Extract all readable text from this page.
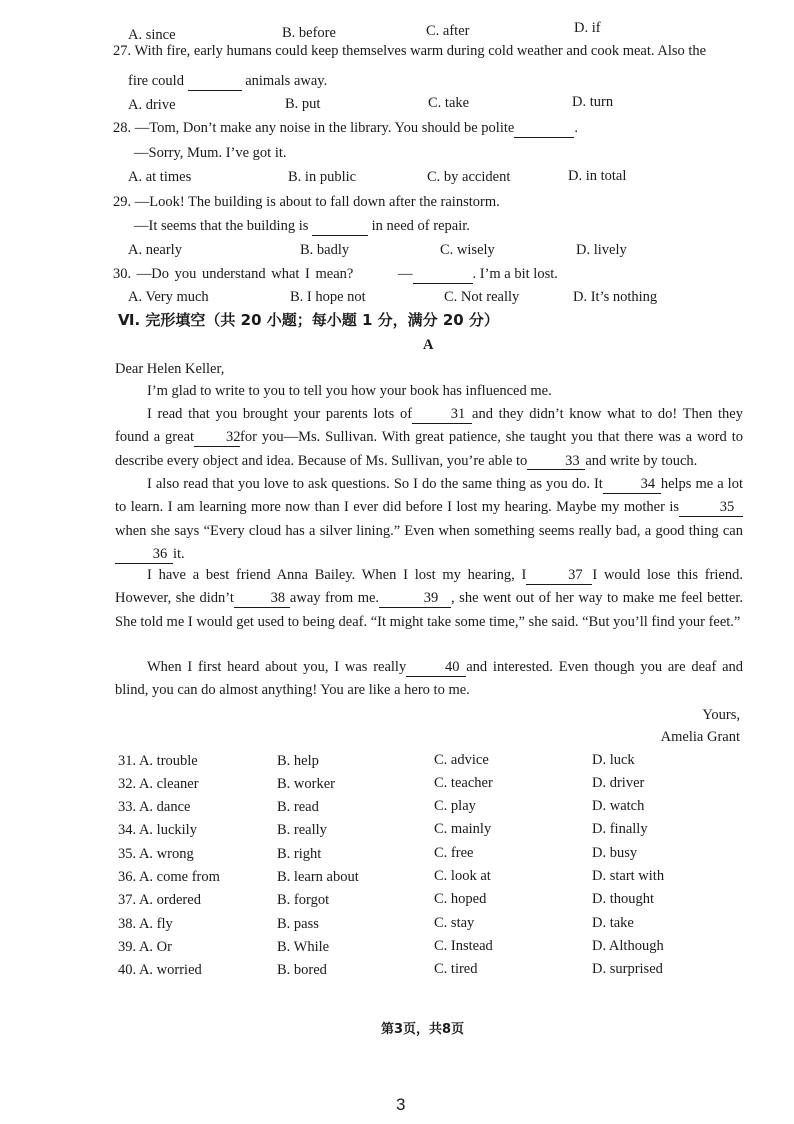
A. since	B. before	C. after	D. if
27. With fire, early humans could keep themselves warm during cold weather and cook meat. Also the
fire could	animals away.
A. drive	B. put	C. take	D. turn
28. —Tom, Don’t make any noise in the library. You should be polite	.
—Sorry, Mum. I’ve got it.
A. at times	B. in public	C. by accident	D. in total
29. —Look! The building is about to fall down after the rainstorm.
—It seems that the building is	in need of repair.
A. nearly	B. badly	C. wisely	D. lively
30. —Do you understand what I mean?	—	. I’m a bit lost.
A. Very much	B. I hope not	C. Not really	D. It’s nothing
Ⅵ. 完形填空（共 20 小题；每小题 1 分，满分 20 分）
A
Dear Helen Keller,
I’m glad to write to you to tell you how your book has influenced me.
I read that you brought your parents lots of	31 and they didn’t know what to do! Then they found a great 32for you—Ms. Sullivan. With great patience, she taught you that there was a word to describe every object and idea. Because of Ms. Sullivan, you’re able to	33 and write by touch.
I also read that you love to ask questions. So I do the same thing as you do. It	34 helps me a lot to learn. I am learning more now than I ever did before I lost my hearing. Maybe my mother is	35when she says “Every cloud has a silver lining.” Even when something seems really bad, a good thing can36 it.
I have a best friend Anna Bailey. When I lost my hearing, I	37 I would lose this friend. However, she didn’t	38 away from me.	39 , she went out of her way to make me feel better. She told me I would get used to being deaf. “It might take some time,” she said. “But you’ll find your feet.”
When I first heard about you, I was really	40 and interested. Even though you are deaf and blind, you can do almost anything! You are like a hero to me.
Yours,
Amelia Grant
31. A. trouble	B. help	C. advice	D. luck
32. A. cleaner	B. worker	C. teacher	D. driver
33. A. dance	B. read	C. play	D. watch
34. A. luckily	B. really	C. mainly	D. finally
35. A. wrong	B. right	C. free	D. busy
36. A. come from	B. learn about	C. look at	D. start with
37. A. ordered	B. forgot	C. hoped	D. thought
38. A. fly	B. pass	C. stay	D. take
39. A. Or	B. While	C. Instead	D. Although
40. A. worried	B. bored	C. tired	D. surprised
第3页，共8页
3
